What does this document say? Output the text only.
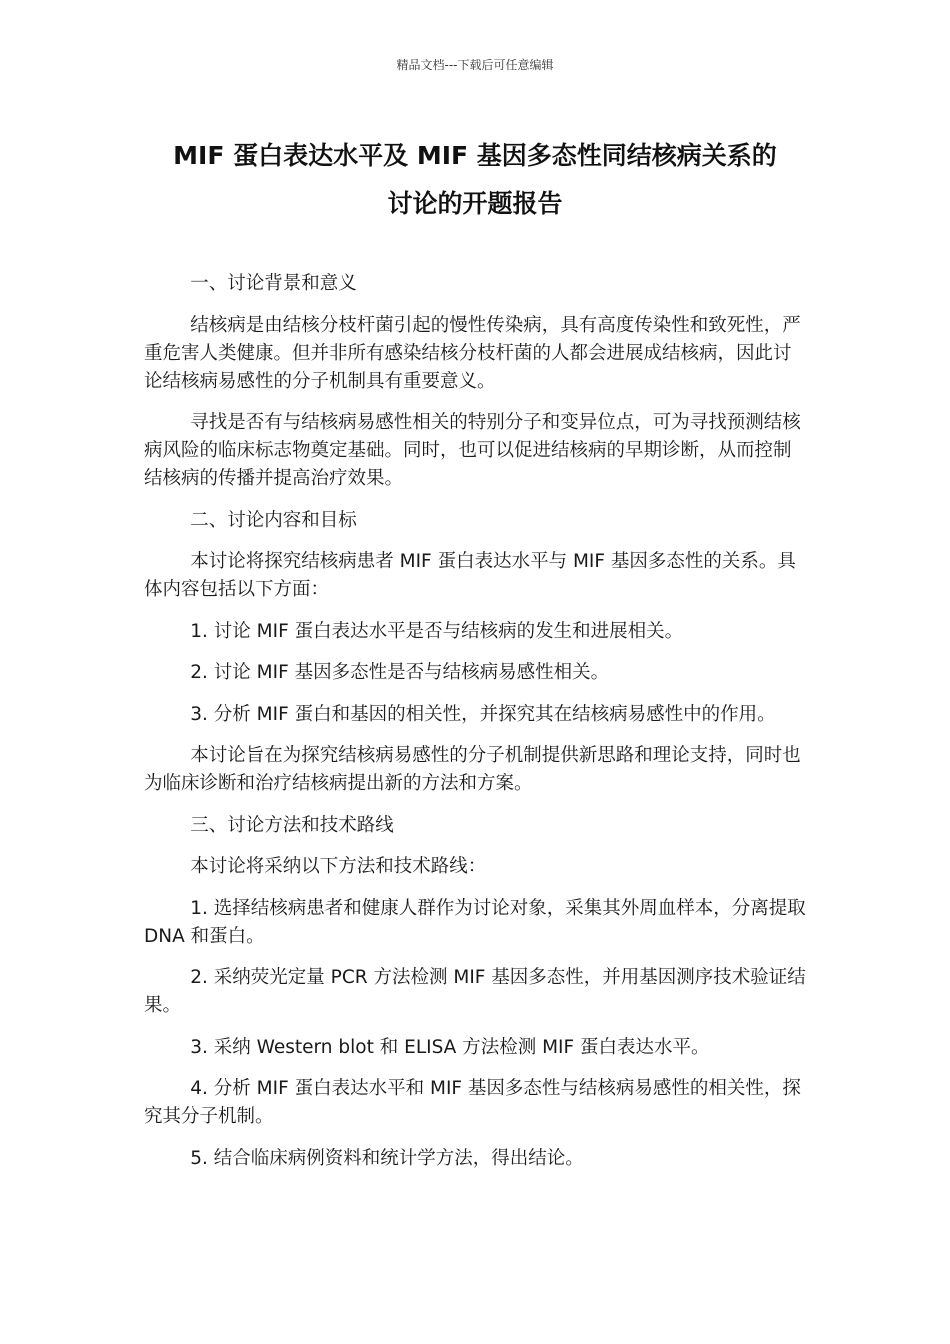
精品文档---下载后可任意编辑
MIF 蛋白表达水平及 MIF 基因多态性同结核病关系的
讨论的开题报告

一、讨论背景和意义

结核病是由结核分枝杆菌引起的慢性传染病，具有高度传染性和致死性，严重危害人类健康。但并非所有感染结核分枝杆菌的人都会进展成结核病，因此讨论结核病易感性的分子机制具有重要意义。

寻找是否有与结核病易感性相关的特别分子和变异位点，可为寻找预测结核病风险的临床标志物奠定基础。同时，也可以促进结核病的早期诊断，从而控制结核病的传播并提高治疗效果。

二、讨论内容和目标

本讨论将探究结核病患者 MIF 蛋白表达水平与 MIF 基因多态性的关系。具体内容包括以下方面：

1. 讨论 MIF 蛋白表达水平是否与结核病的发生和进展相关。

2. 讨论 MIF 基因多态性是否与结核病易感性相关。

3. 分析 MIF 蛋白和基因的相关性，并探究其在结核病易感性中的作用。

本讨论旨在为探究结核病易感性的分子机制提供新思路和理论支持，同时也为临床诊断和治疗结核病提出新的方法和方案。

三、讨论方法和技术路线

本讨论将采纳以下方法和技术路线：

1. 选择结核病患者和健康人群作为讨论对象，采集其外周血样本，分离提取 DNA 和蛋白。

2. 采纳荧光定量 PCR 方法检测 MIF 基因多态性，并用基因测序技术验证结果。

3. 采纳 Western blot 和 ELISA 方法检测 MIF 蛋白表达水平。

4. 分析 MIF 蛋白表达水平和 MIF 基因多态性与结核病易感性的相关性，探究其分子机制。

5. 结合临床病例资料和统计学方法，得出结论。
